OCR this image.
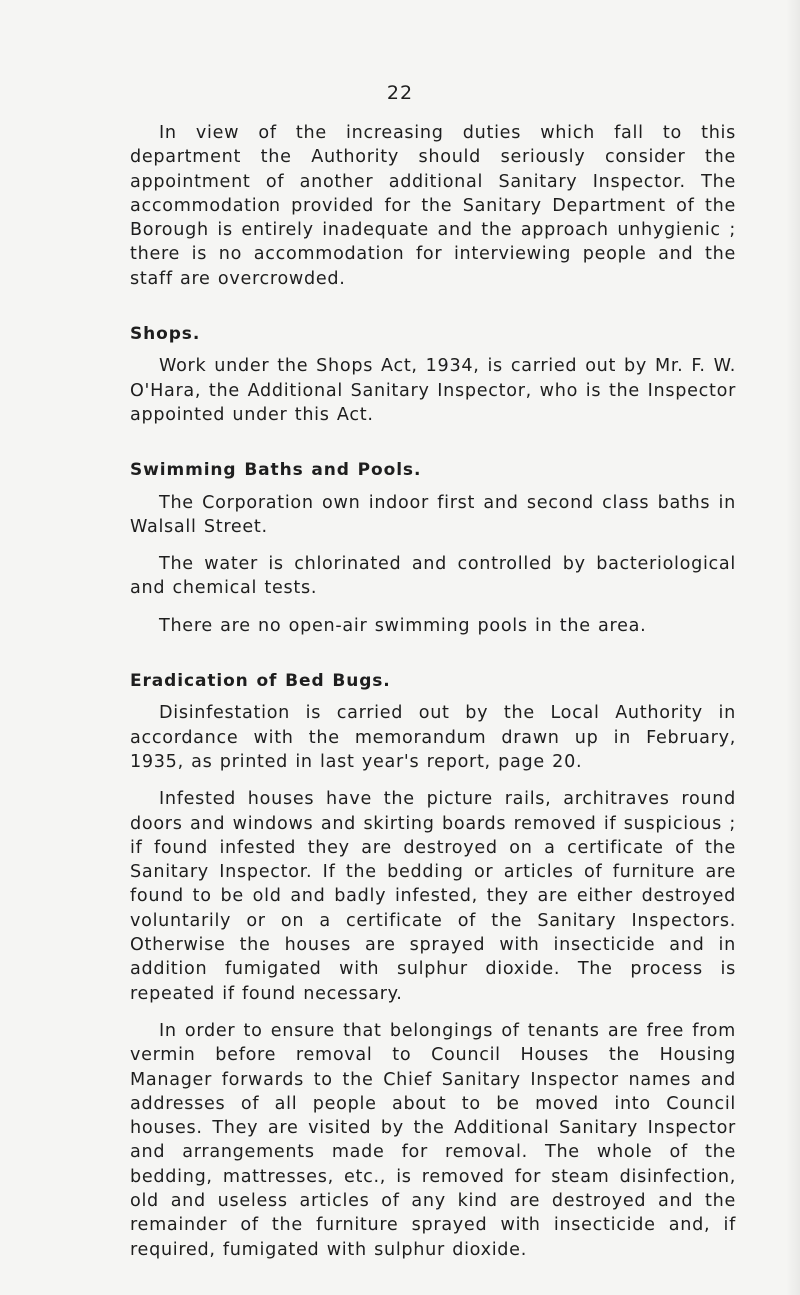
22

In view of the increasing duties which fall to this department the Authority should seriously consider the appointment of another additional Sanitary Inspector. The accommodation provided for the Sanitary Department of the Borough is entirely inadequate and the approach unhygienic ; there is no accommodation for interviewing people and the staff are overcrowded.

Shops.

Work under the Shops Act, 1934, is carried out by Mr. F. W. O'Hara, the Additional Sanitary Inspector, who is the Inspector appointed under this Act.

Swimming Baths and Pools.

The Corporation own indoor first and second class baths in Walsall Street.

The water is chlorinated and controlled by bacteriological and chemical tests.

There are no open-air swimming pools in the area.

Eradication of Bed Bugs.

Disinfestation is carried out by the Local Authority in accordance with the memorandum drawn up in February, 1935, as printed in last year's report, page 20.

Infested houses have the picture rails, architraves round doors and windows and skirting boards removed if suspicious ; if found infested they are destroyed on a certificate of the Sanitary Inspector. If the bedding or articles of furniture are found to be old and badly infested, they are either destroyed voluntarily or on a certificate of the Sanitary Inspectors. Otherwise the houses are sprayed with insecticide and in addition fumigated with sulphur dioxide. The process is repeated if found necessary.

In order to ensure that belongings of tenants are free from vermin before removal to Council Houses the Housing Manager forwards to the Chief Sanitary Inspector names and addresses of all people about to be moved into Council houses. They are visited by the Additional Sanitary Inspector and arrangements made for removal. The whole of the bedding, mattresses, etc., is removed for steam disinfection, old and useless articles of any kind are destroyed and the remainder of the furniture sprayed with insecticide and, if required, fumigated with sulphur dioxide.
